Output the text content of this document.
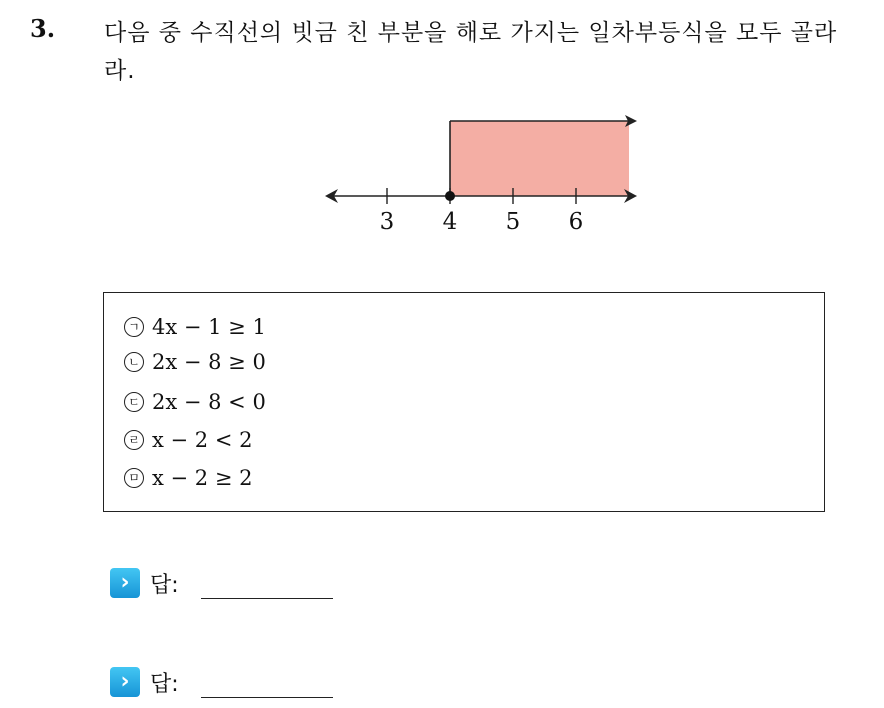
3. 다음 중 수직선의 빗금 친 부분을 해로 가지는 일차부등식을 모두 골라라.
3 4 5 6
ㄱ 4x − 1 ≥ 1
ㄴ 2x − 8 ≥ 0
ㄷ 2x − 8 < 0
ㄹ x − 2 < 2
ㅁ x − 2 ≥ 2
› 답:
› 답:
